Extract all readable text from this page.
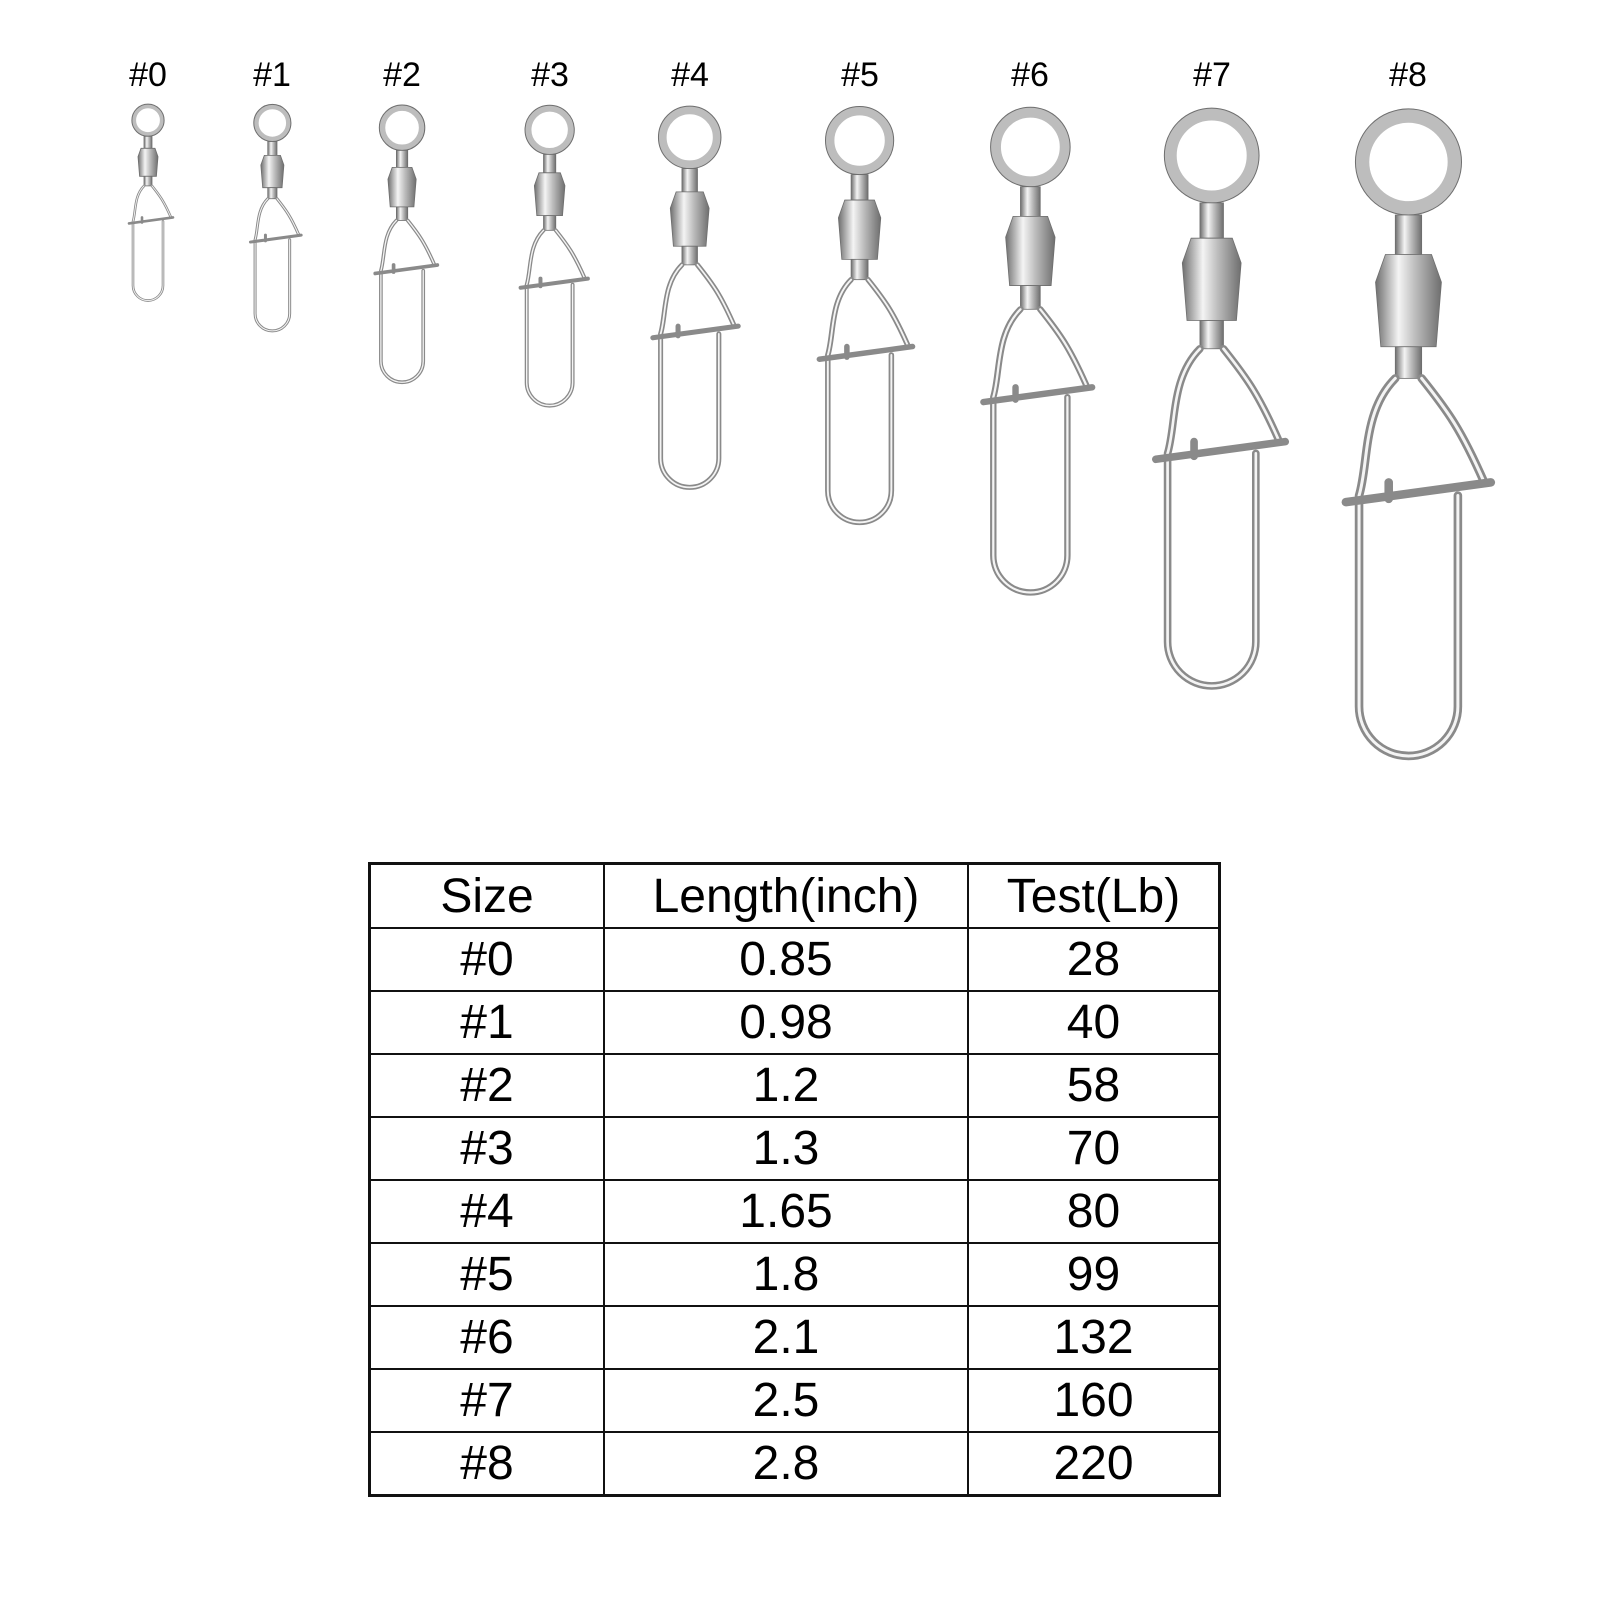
#0	#1	#2	#3	#4	#5	#6	#7	#8
Size	Length(inch)	Test(Lb)
#0	0.85	28
#1	0.98	40
#2	1.2	58
#3	1.3	70
#4	1.65	80
#5	1.8	99
#6	2.1	132
#7	2.5	160
#8	2.8	220
